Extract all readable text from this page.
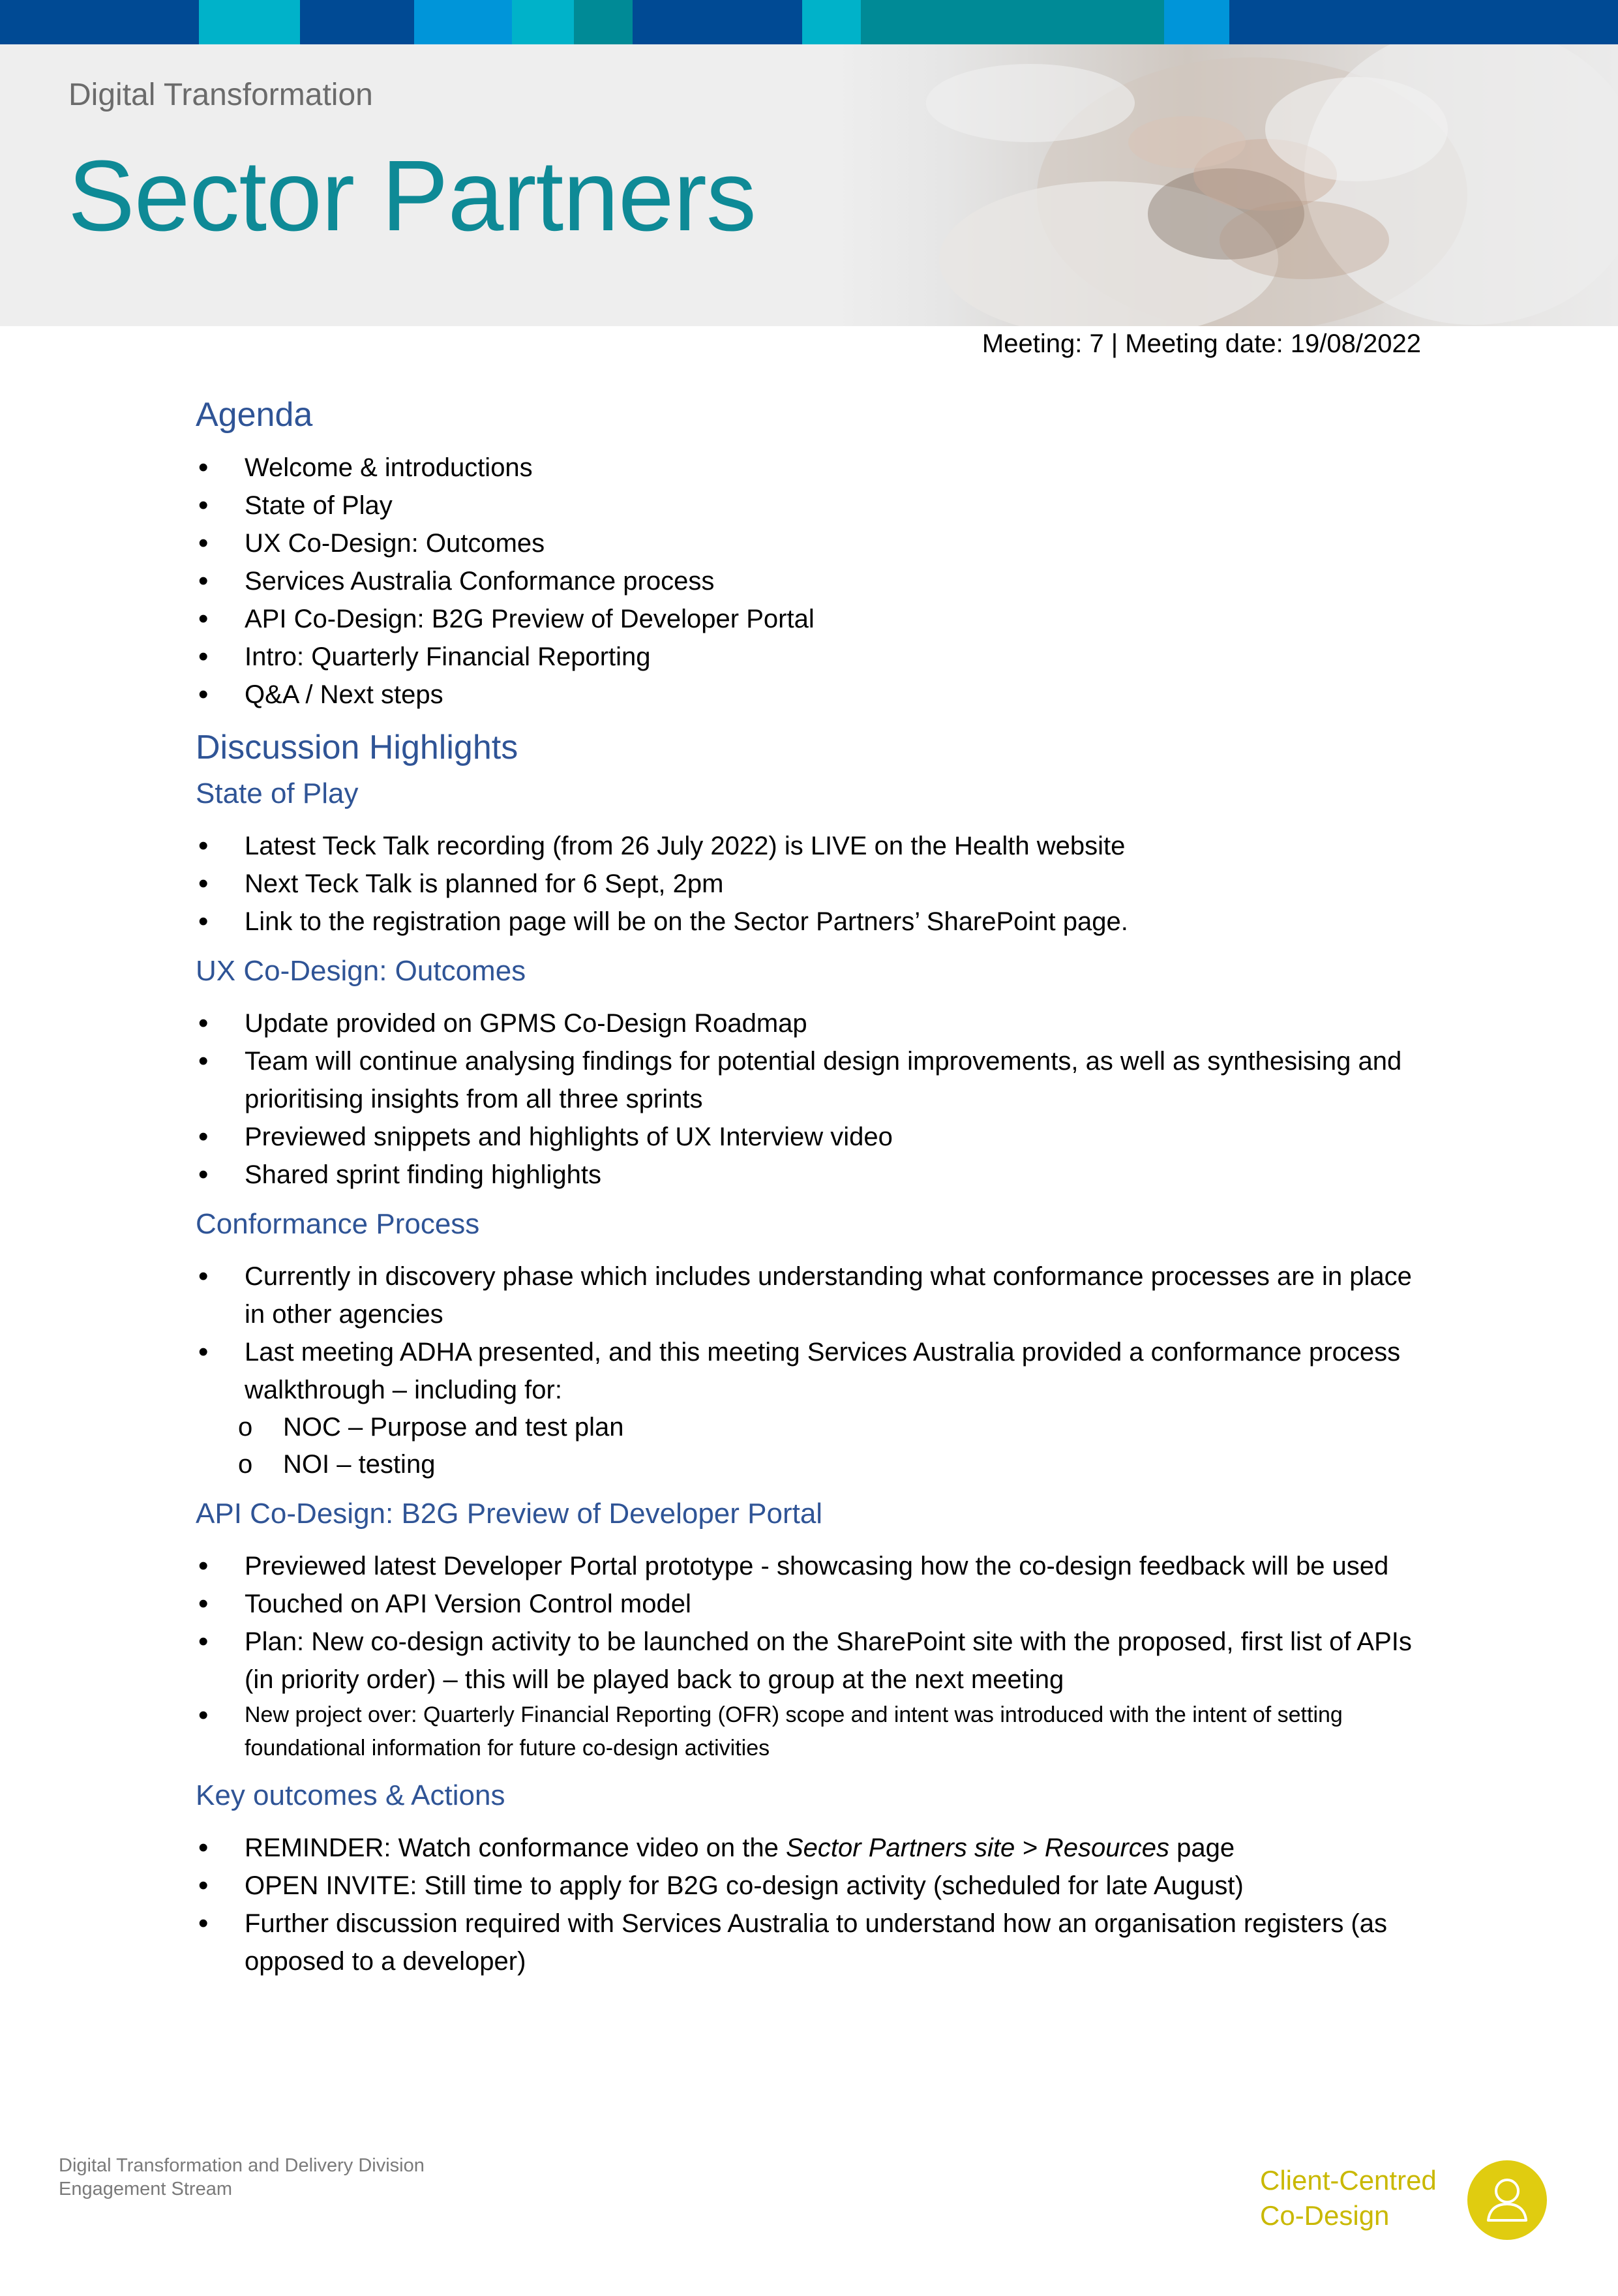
Digital Transformation
Sector Partners
Meeting: 7 | Meeting date: 19/08/2022
Agenda
• Welcome & introductions
• State of Play
• UX Co-Design: Outcomes
• Services Australia Conformance process
• API Co-Design: B2G Preview of Developer Portal
• Intro: Quarterly Financial Reporting
• Q&A / Next steps
Discussion Highlights
State of Play
• Latest Teck Talk recording (from 26 July 2022) is LIVE on the Health website
• Next Teck Talk is planned for 6 Sept, 2pm
• Link to the registration page will be on the Sector Partners’ SharePoint page.
UX Co-Design: Outcomes
• Update provided on GPMS Co-Design Roadmap
• Team will continue analysing findings for potential design improvements, as well as synthesising and prioritising insights from all three sprints
• Previewed snippets and highlights of UX Interview video
• Shared sprint finding highlights
Conformance Process
• Currently in discovery phase which includes understanding what conformance processes are in place in other agencies
• Last meeting ADHA presented, and this meeting Services Australia provided a conformance process walkthrough – including for:
o NOC – Purpose and test plan
o NOI – testing
API Co-Design: B2G Preview of Developer Portal
• Previewed latest Developer Portal prototype - showcasing how the co-design feedback will be used
• Touched on API Version Control model
• Plan: New co-design activity to be launched on the SharePoint site with the proposed, first list of APIs (in priority order) – this will be played back to group at the next meeting
• New project over: Quarterly Financial Reporting (OFR) scope and intent was introduced with the intent of setting foundational information for future co-design activities
Key outcomes & Actions
• REMINDER: Watch conformance video on the Sector Partners site > Resources page
• OPEN INVITE: Still time to apply for B2G co-design activity (scheduled for late August)
• Further discussion required with Services Australia to understand how an organisation registers (as opposed to a developer)
Digital Transformation and Delivery Division
Engagement Stream	Client-Centred
Co-Design
